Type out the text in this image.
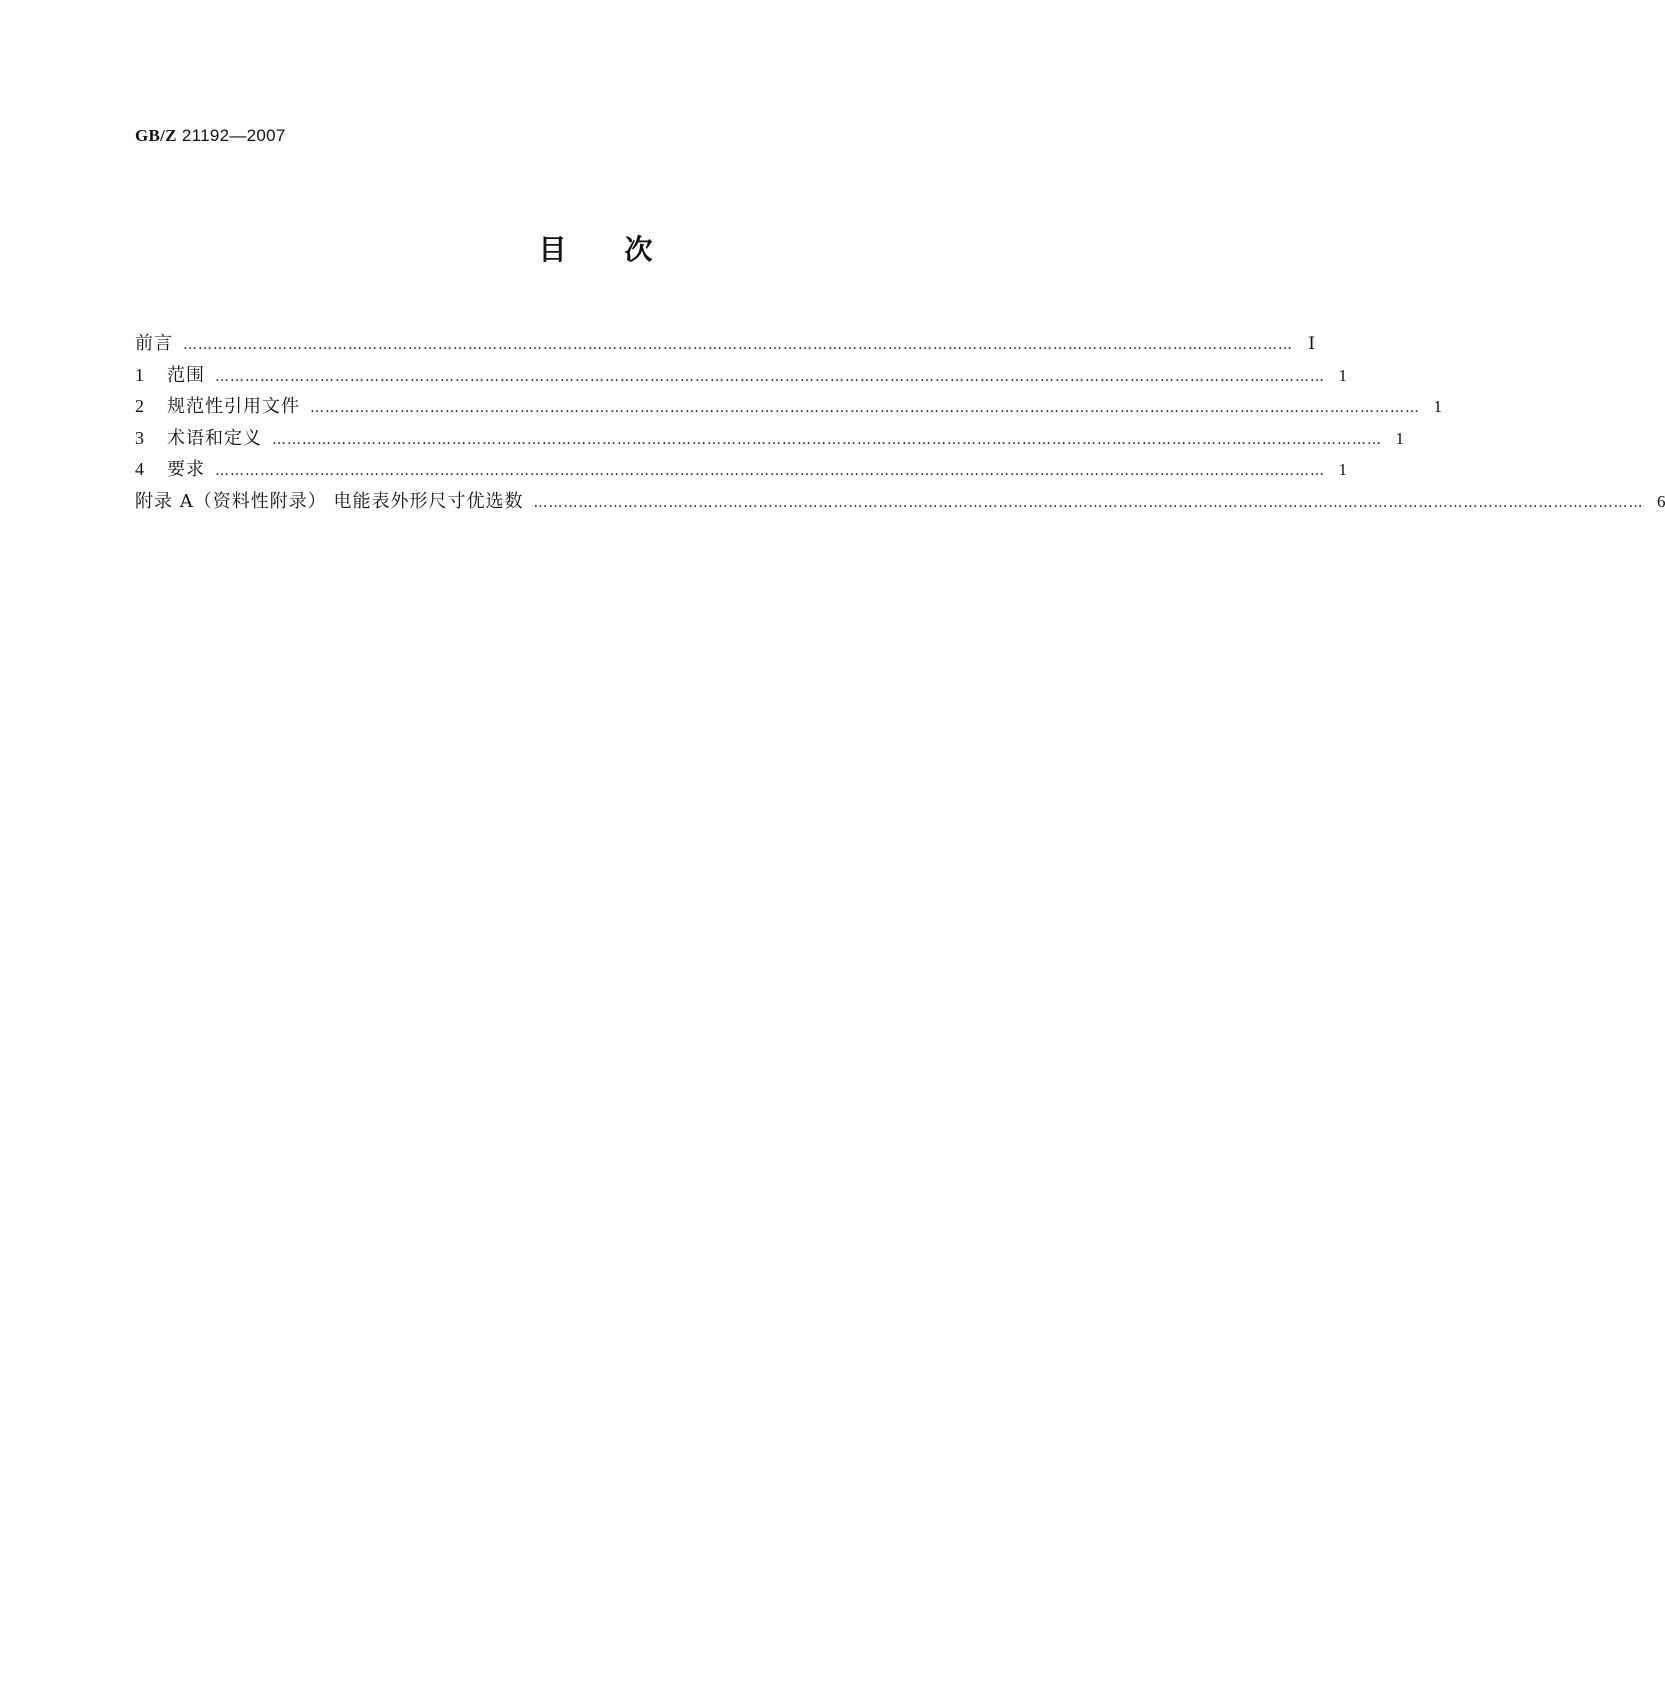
GB/Z 21192—2007
目次
前言 …………………………………………………………………………………………………………………………………………………………………………………………………… Ⅰ
1	范围 …………………………………………………………………………………………………………………………………………………………………………………………………… 1
2	规范性引用文件 …………………………………………………………………………………………………………………………………………………………………………………………………… 1
3	术语和定义 …………………………………………………………………………………………………………………………………………………………………………………………………… 1
4	要求 …………………………………………………………………………………………………………………………………………………………………………………………………… 1
附录 A（资料性附录） 电能表外形尺寸优选数 …………………………………………………………………………………………………………………………………………………………………………………………………… 6
